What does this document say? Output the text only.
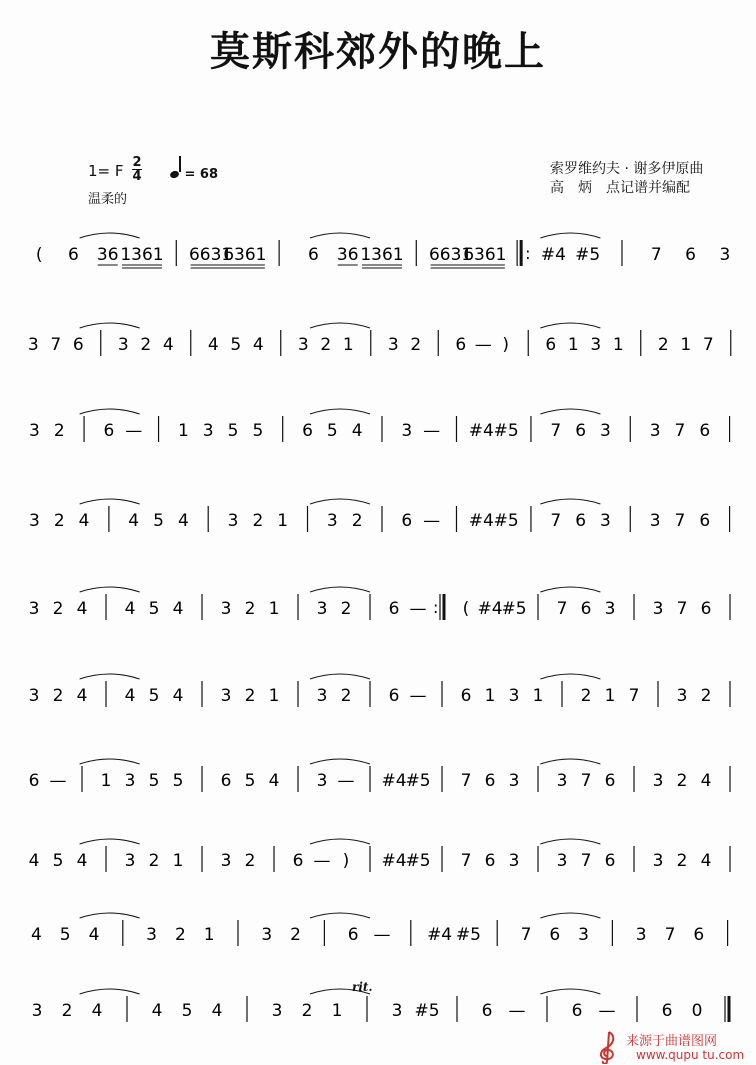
莫斯科郊外的晚上
1= F 2
4	= 68
温柔的
索罗维约夫 · 谢多伊原曲
高　炳　点记谱并编配
( 6 36 1361 6631
6361 6 36 1361 6631
6361 : #4 #5	7 6 3
3 7 6 3 2 4 4 5 4 3 2 1 3 2 6 — ) 6 1 3 1 2 1 7
3 2 6 — 1 3 5 5 6 5 4 3 — #4 #5 7 6 3 3 7 6
3 2 4 4 5 4 3 2 1 3 2 6 — #4 #5 7 6 3 3 7 6
3 2 4 4 5 4 3 2 1 3 2 6 — : ( #4
#5 7 6 3 3 7 6
3 2 4 4 5 4 3 2 1 3 2 6 — 6 1 3 1 2 1 7 3 2
6 — 1 3 5 5 6 5 4 3 — #4
#5 7 6 3 3 7 6 3 2 4
4 5 4 3 2 1 3 2 6 — ) #4
#5 7 6 3 3 7 6 3 2 4
4 5 4	3 2 1	3 2	6 — #4 #5 7 6 3	3 7 6
3 2 4	4 5 4	3 2 1	3 #5 6 —	6 —	6 0
rit.
来源于曲谱图网
www.qupu tu.com
